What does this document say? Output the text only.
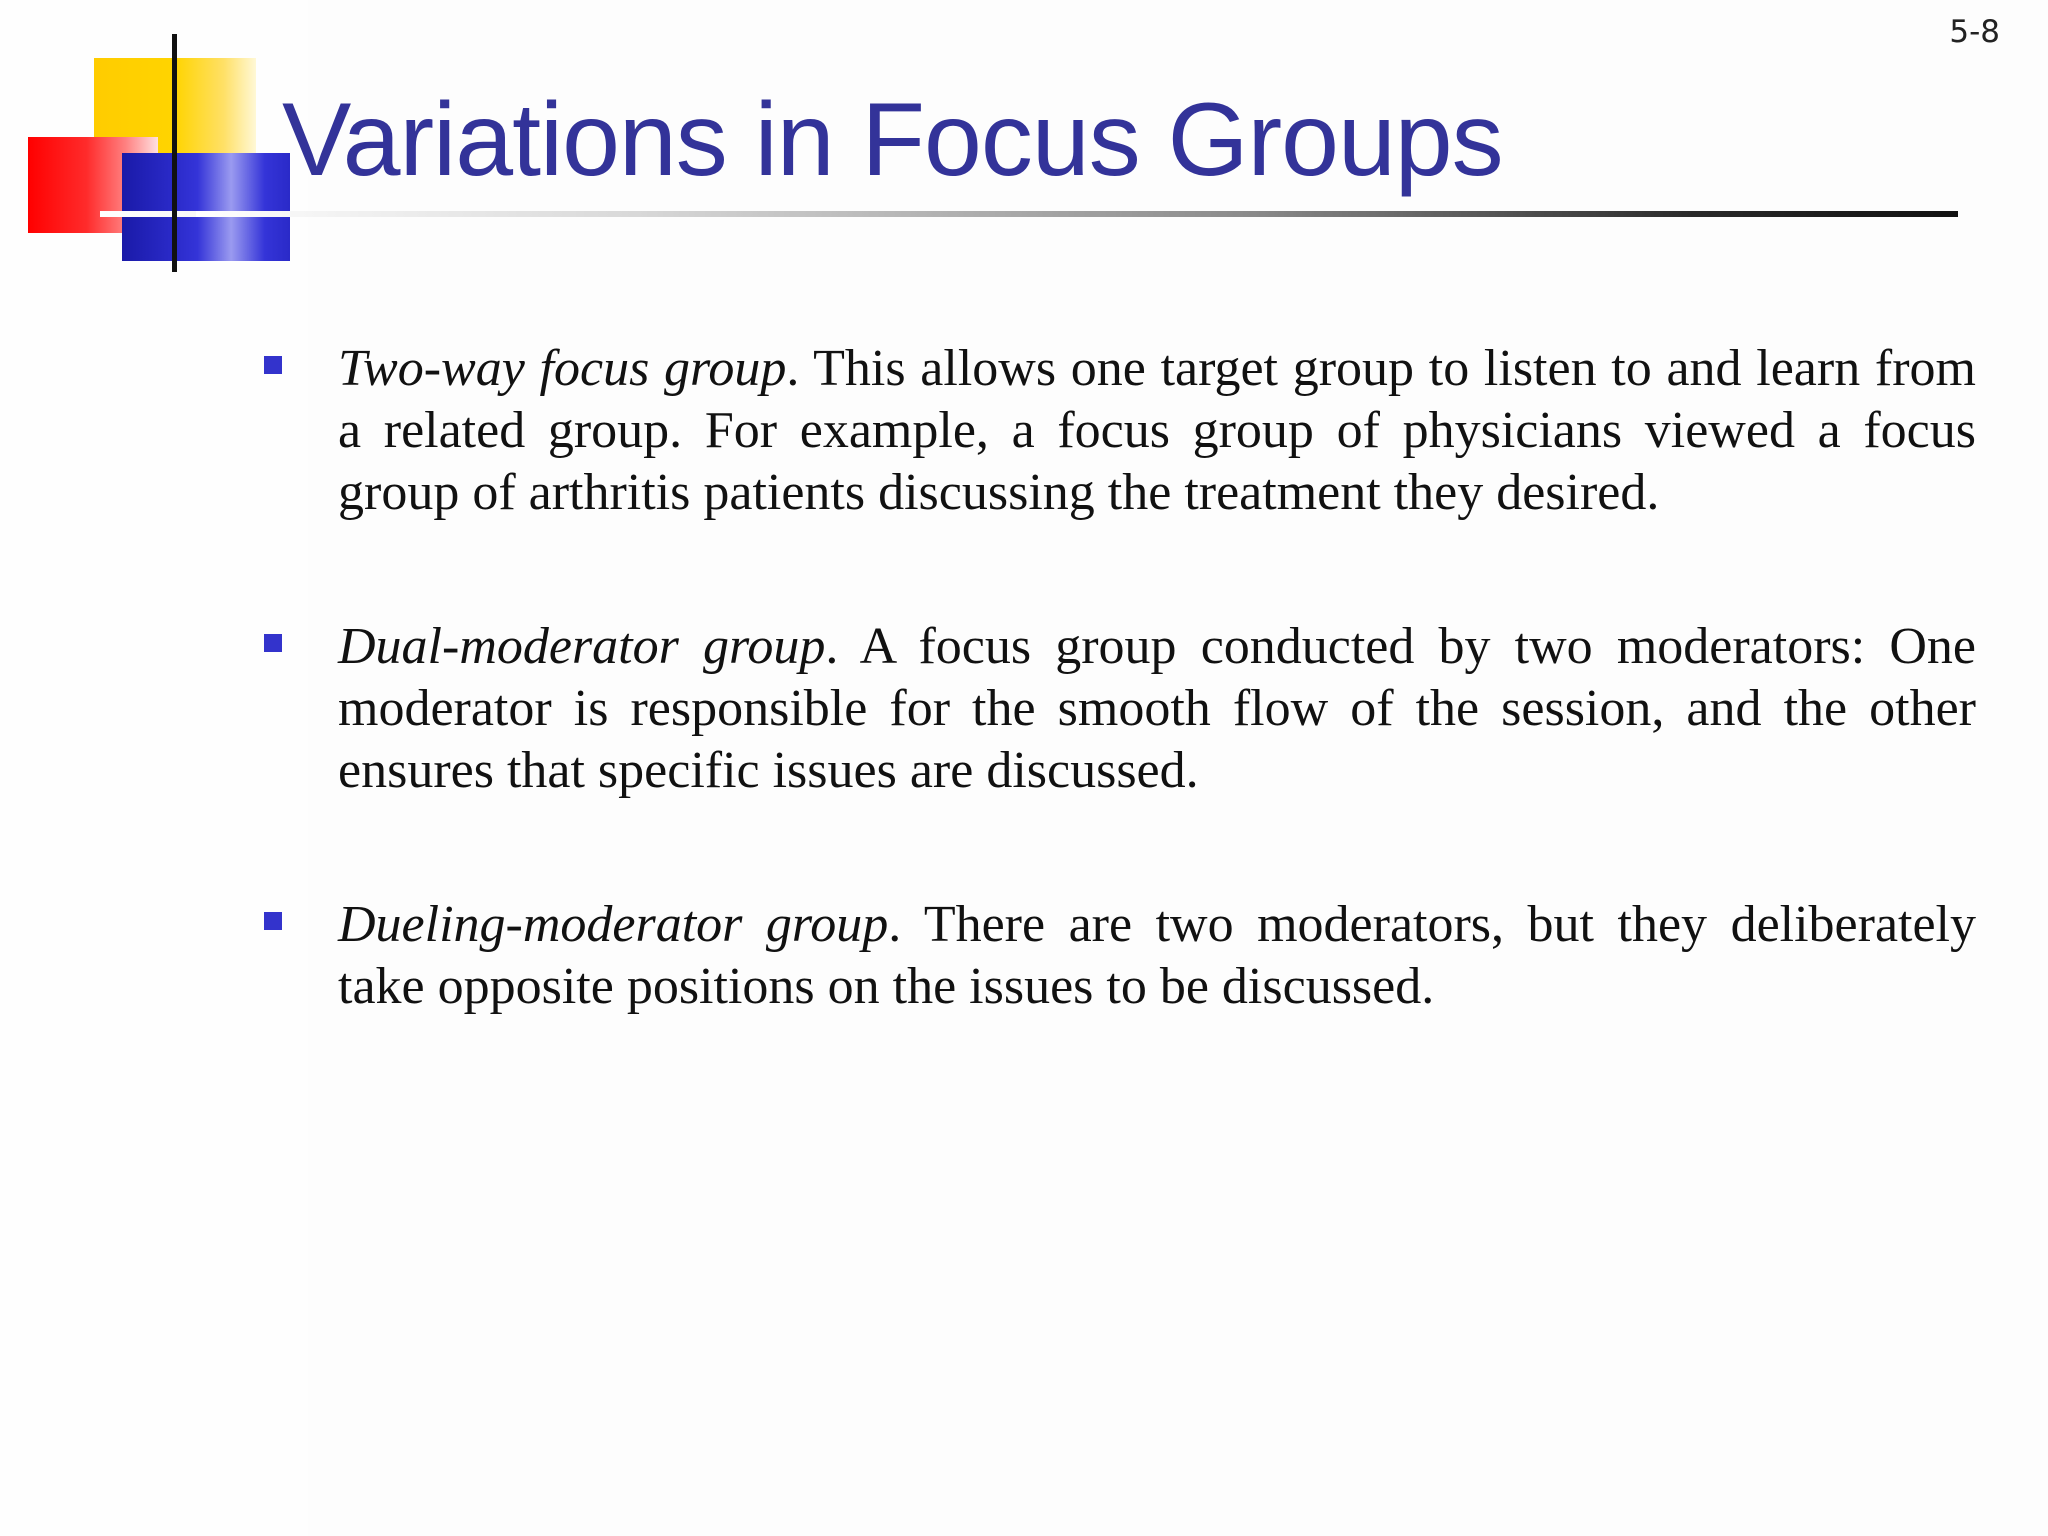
5-8
Variations in Focus Groups
Two-way focus group. This allows one target group to listen to and learn from a related group. For example, a focus group of physicians viewed a focus group of arthritis patients discussing the treatment they desired.
Dual-moderator group. A focus group conducted by two moderators: One moderator is responsible for the smooth flow of the session, and the other ensures that specific issues are discussed.
Dueling-moderator group. There are two moderators, but they deliberately take opposite positions on the issues to be discussed.
